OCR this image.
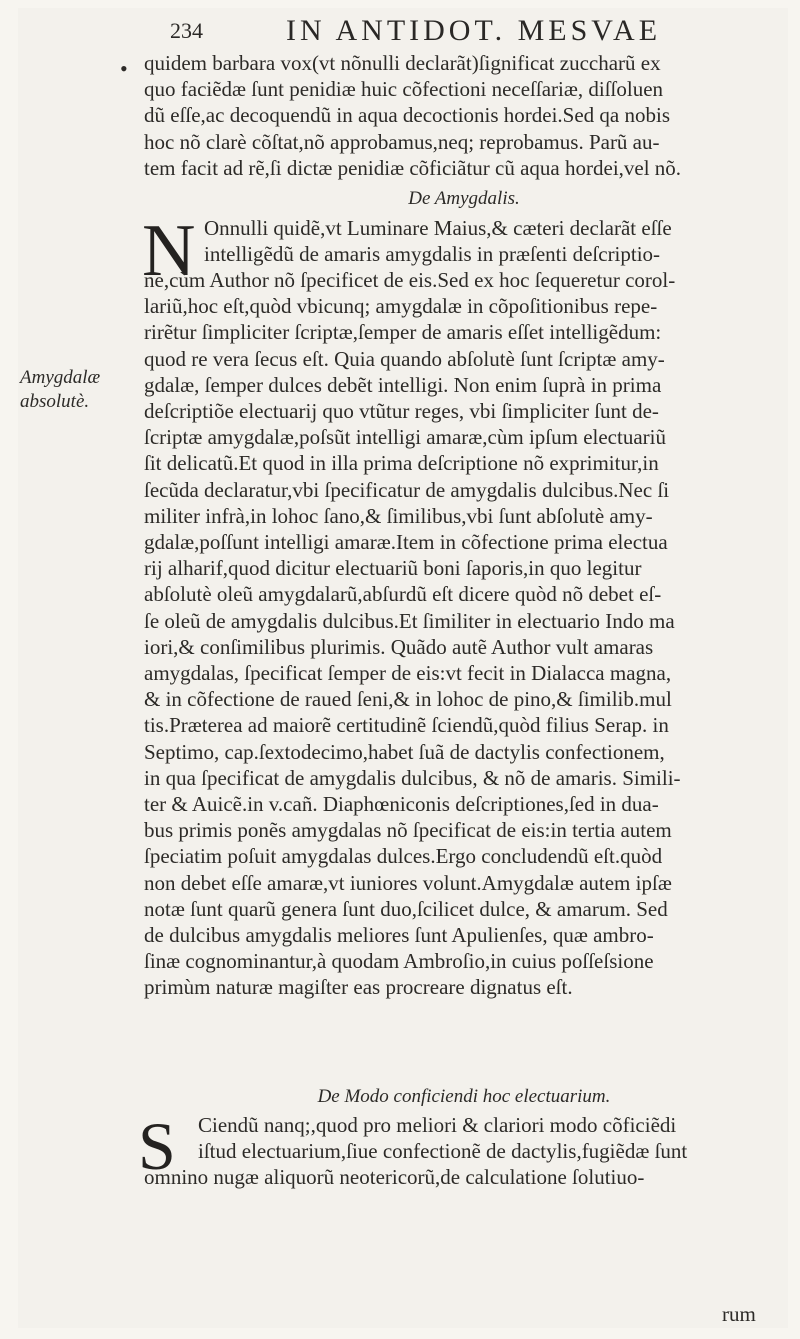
234	IN ANTIDOT. MESVAE
•
Amygdalæ
absolutè.
quidem barbara vox(vt nõnulli declarãt)ſignificat zuccharũ ex
quo faciẽdæ ſunt penidiæ huic cõfectioni neceſſariæ, diſſoluen
dũ eſſe,ac decoquendũ in aqua decoctionis hordei.Sed qa nobis
hoc nõ clarè cõſtat,nõ approbamus,neq; reprobamus. Parũ au-
tem facit ad rẽ,ſi dictæ penidiæ cõficiãtur cũ aqua hordei,vel nõ.
De Amygdalis.
N Onnulli quidẽ,vt Luminare Maius,& cæteri declarãt eſſe
intelligẽdũ de amaris amygdalis in præſenti deſcriptio-
ne,cùm Author nõ ſpecificet de eis.Sed ex hoc ſequeretur corol-
lariũ,hoc eſt,quòd vbicunq; amygdalæ in cõpoſitionibus repe-
rirẽtur ſimpliciter ſcriptæ,ſemper de amaris eſſet intelligẽdum:
quod re vera ſecus eſt. Quia quando abſolutè ſunt ſcriptæ amy-
gdalæ, ſemper dulces debẽt intelligi. Non enim ſuprà in prima
deſcriptiõe electuarij quo vtũtur reges, vbi ſimpliciter ſunt de-
ſcriptæ amygdalæ,poſsũt intelligi amaræ,cùm ipſum electuariũ
ſit delicatũ.Et quod in illa prima deſcriptione nõ exprimitur,in
ſecũda declaratur,vbi ſpecificatur de amygdalis dulcibus.Nec ſi
militer infrà,in lohoc ſano,& ſimilibus,vbi ſunt abſolutè amy-
gdalæ,poſſunt intelligi amaræ.Item in cõfectione prima electua
rij alharif,quod dicitur electuariũ boni ſaporis,in quo legitur
abſolutè oleũ amygdalarũ,abſurdũ eſt dicere quòd nõ debet eſ-
ſe oleũ de amygdalis dulcibus.Et ſimiliter in electuario Indo ma
iori,& conſimilibus plurimis. Quãdo autẽ Author vult amaras
amygdalas, ſpecificat ſemper de eis:vt fecit in Dialacca magna,
& in cõfectione de raued ſeni,& in lohoc de pino,& ſimilib.mul
tis.Præterea ad maiorẽ certitudinẽ ſciendũ,quòd filius Serap. in
Septimo, cap.ſextodecimo,habet ſuã de dactylis confectionem,
in qua ſpecificat de amygdalis dulcibus, & nõ de amaris. Simili-
ter & Auicẽ.in v.cañ. Diaphœniconis deſcriptiones,ſed in dua-
bus primis ponẽs amygdalas nõ ſpecificat de eis:in tertia autem
ſpeciatim poſuit amygdalas dulces.Ergo concludendũ eſt.quòd
non debet eſſe amaræ,vt iuniores volunt.Amygdalæ autem ipſæ
notæ ſunt quarũ genera ſunt duo,ſcilicet dulce, & amarum. Sed
de dulcibus amygdalis meliores ſunt Apulienſes, quæ ambro-
ſinæ cognominantur,à quodam Ambroſio,in cuius poſſeſsione
primùm naturæ magiſter eas procreare dignatus eſt.
De Modo conficiendi hoc electuarium.
S Ciendũ nanq;,quod pro meliori & clariori modo cõficiẽdi
iſtud electuarium,ſiue confectionẽ de dactylis,fugiẽdæ ſunt
omnino nugæ aliquorũ neotericorũ,de calculatione ſolutiuo-
rum
